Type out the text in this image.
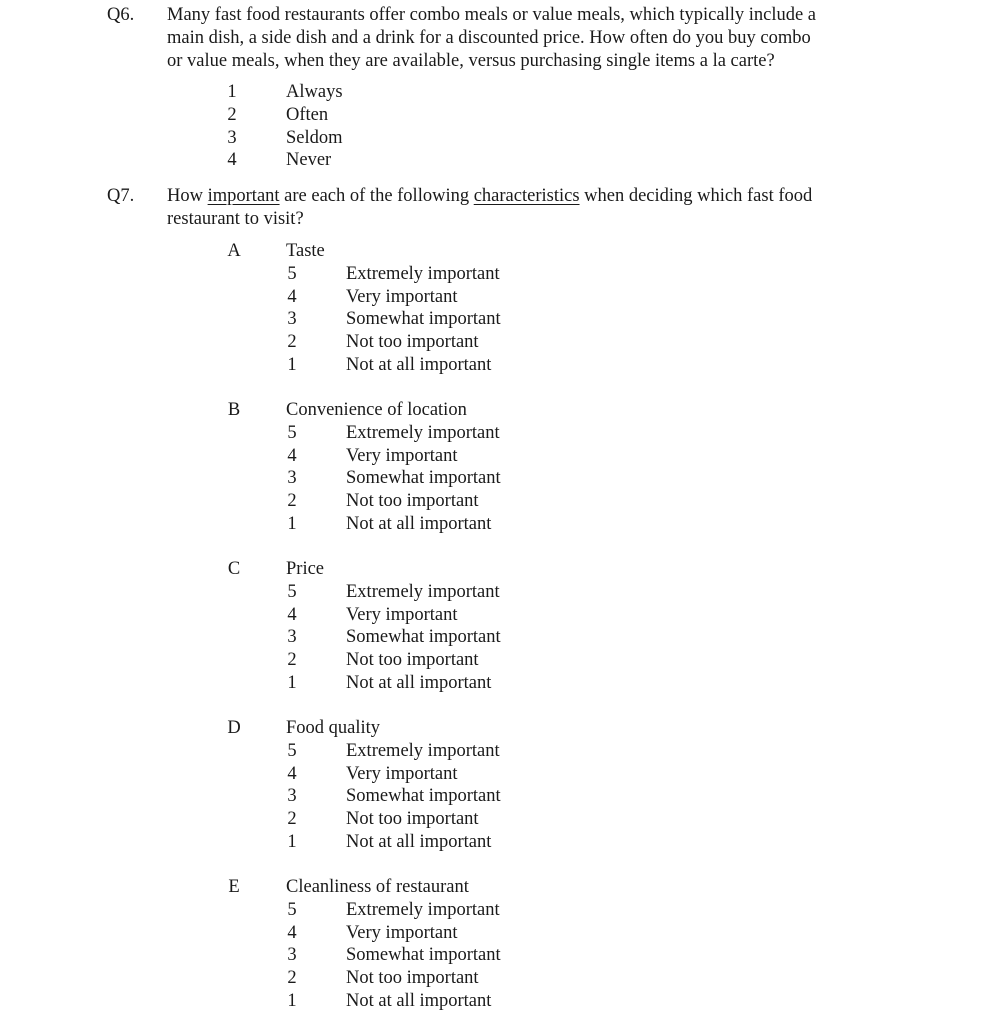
Q6. Many fast food restaurants offer combo meals or value meals, which typically include a
main dish, a side dish and a drink for a discounted price. How often do you buy combo
or value meals, when they are available, versus purchasing single items a la carte?
1	Always
2	Often
3	Seldom
4	Never
Q7. How important are each of the following characteristics when deciding which fast food
restaurant to visit?
A Taste
5	Extremely important
4	Very important
3	Somewhat important
2	Not too important
1	Not at all important
B Convenience of location
5	Extremely important
4	Very important
3	Somewhat important
2	Not too important
1	Not at all important
C Price
5	Extremely important
4	Very important
3	Somewhat important
2	Not too important
1	Not at all important
D Food quality
5	Extremely important
4	Very important
3	Somewhat important
2	Not too important
1	Not at all important
E	Cleanliness of restaurant
5	Extremely important
4	Very important
3	Somewhat important
2	Not too important
1	Not at all important
